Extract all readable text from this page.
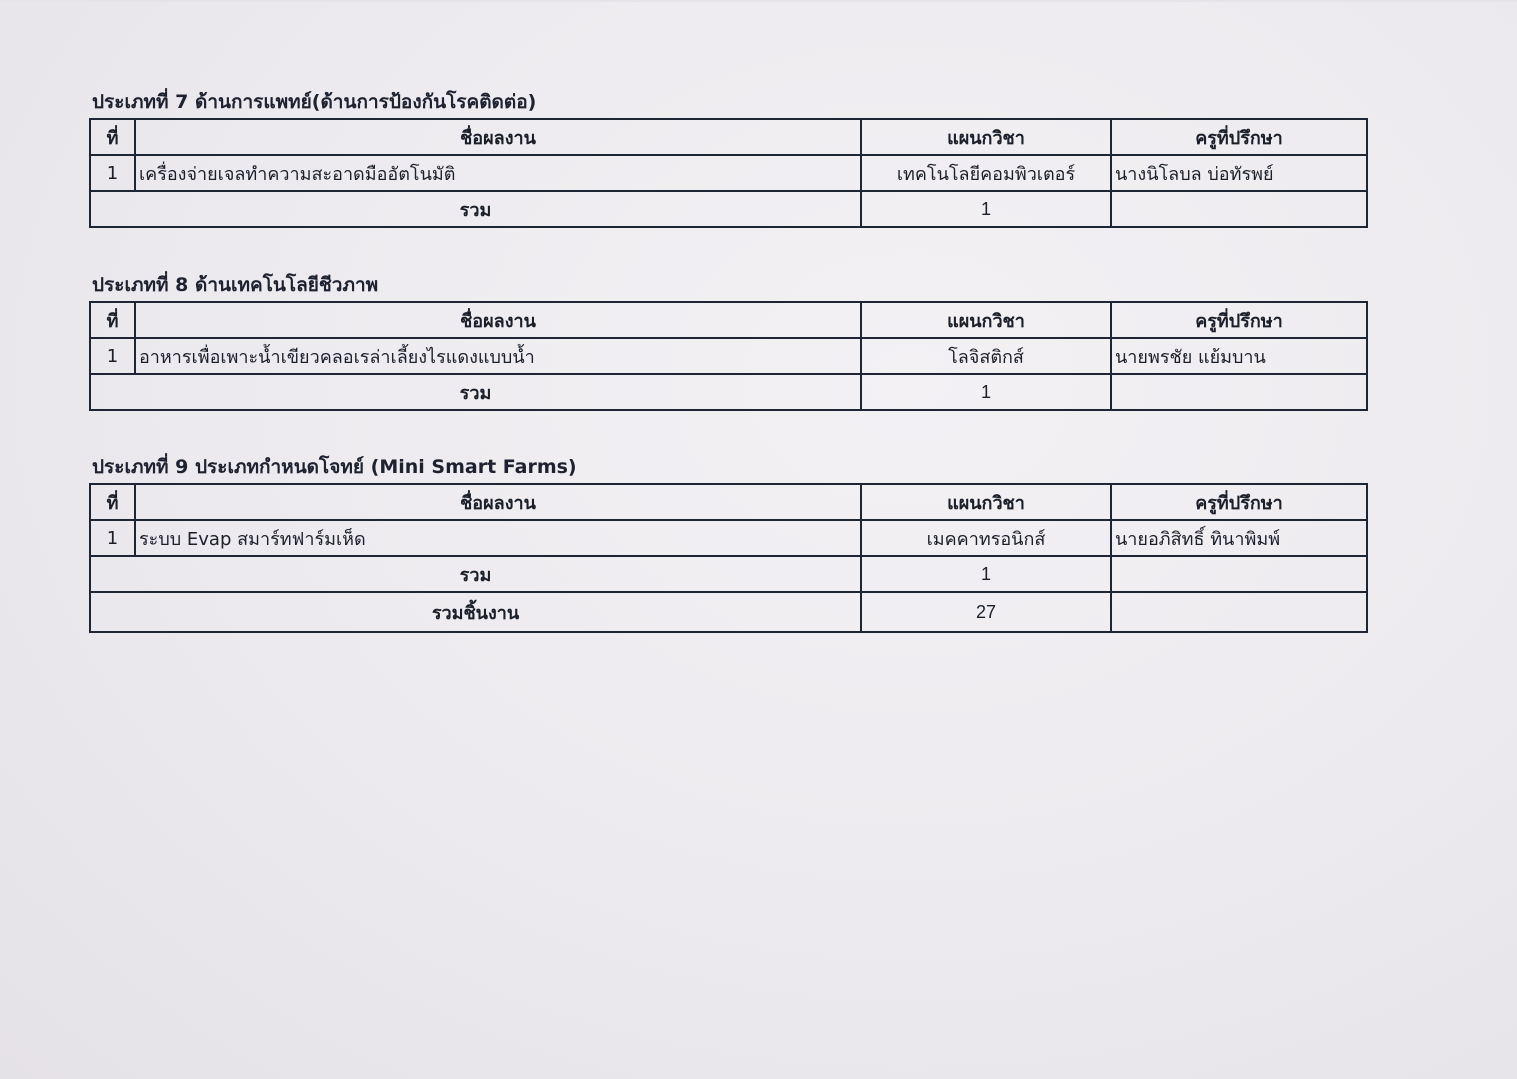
ประเภทที่ 7 ด้านการแพทย์(ด้านการป้องกันโรคติดต่อ)
ที่	ชื่อผลงาน	แผนกวิชา	ครูที่ปรึกษา
1	เครื่องจ่ายเจลทำความสะอาดมืออัตโนมัติ	เทคโนโลยีคอมพิวเตอร์	นางนิโลบล บ่อทัรพย์
รวม		1	
ประเภทที่ 8 ด้านเทคโนโลยีชีวภาพ
ที่	ชื่อผลงาน	แผนกวิชา	ครูที่ปรึกษา
1	อาหารเพื่อเพาะน้ำเขียวคลอเรล่าเลี้ยงไรแดงแบบน้ำ	โลจิสติกส์	นายพรชัย แย้มบาน
รวม		1	
ประเภทที่ 9 ประเภทกำหนดโจทย์ (Mini Smart Farms)
ที่	ชื่อผลงาน	แผนกวิชา	ครูที่ปรึกษา
1	ระบบ Evap สมาร์ทฟาร์มเห็ด	เมคคาทรอนิกส์	นายอภิสิทธิ์ ทินาพิมพ์
รวม		1	
รวมชิ้นงาน		27	
